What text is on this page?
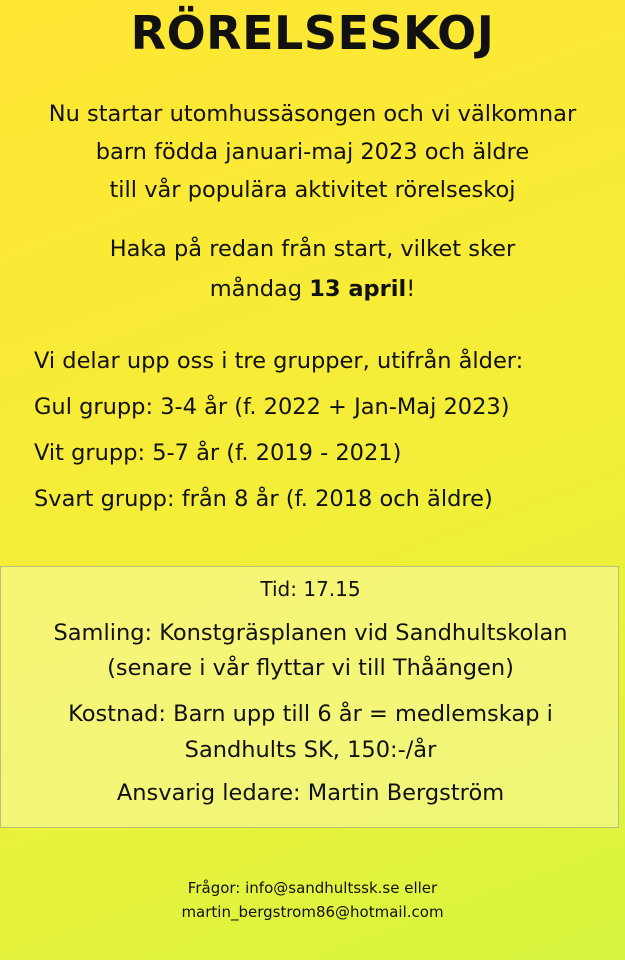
RÖRELSESKOJ
Nu startar utomhussäsongen och vi välkomnar
barn födda januari-maj 2023 och äldre
till vår populära aktivitet rörelseskoj
Haka på redan från start, vilket sker
måndag 13 april!
Vi delar upp oss i tre grupper, utifrån ålder:
Gul grupp: 3-4 år (f. 2022 + Jan-Maj 2023)
Vit grupp: 5-7 år (f. 2019 - 2021)
Svart grupp: från 8 år (f. 2018 och äldre)
Tid: 17.15
Samling: Konstgräsplanen vid Sandhultskolan
(senare i vår flyttar vi till Thåängen)
Kostnad: Barn upp till 6 år = medlemskap i
Sandhults SK, 150:-/år
Ansvarig ledare: Martin Bergström
Frågor: info@sandhultssk.se eller
martin_bergstrom86@hotmail.com
